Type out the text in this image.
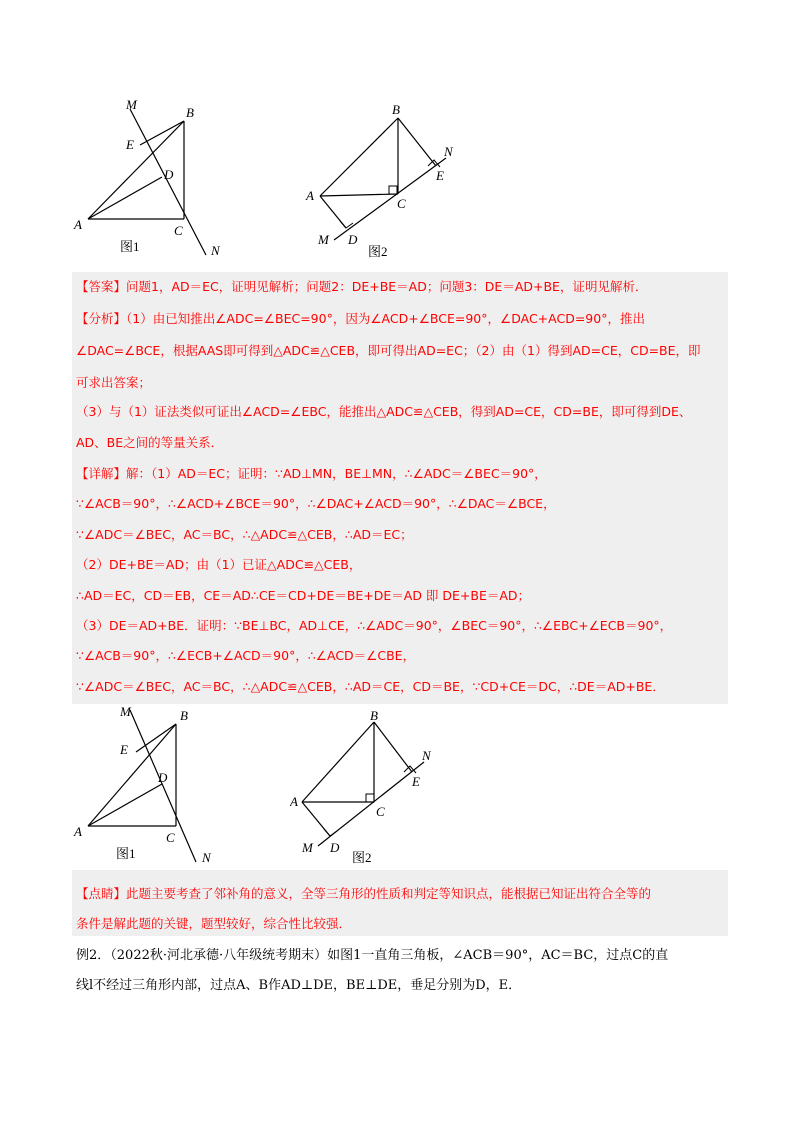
M
B
E
D
A	C
N
图1
B
N
E
A
C
M D
图2
【答案】问题1，AD＝EC，证明见解析；问题2：DE+BE＝AD；问题3：DE＝AD+BE，证明见解析．
【分析】（1）由已知推出∠ADC=∠BEC=90°，因为∠ACD+∠BCE=90°，∠DAC+ACD=90°，推出
∠DAC=∠BCE，根据AAS即可得到△ADC≌△CEB，即可得出AD=EC；（2）由（1）得到AD=CE，CD=BE，即
可求出答案；
（3）与（1）证法类似可证出∠ACD=∠EBC，能推出△ADC≌△CEB，得到AD=CE，CD=BE，即可得到DE、
AD、BE之间的等量关系．
【详解】解：（1）AD＝EC；证明：∵AD⊥MN，BE⊥MN，∴∠ADC＝∠BEC＝90°，
∵∠ACB＝90°，∴∠ACD+∠BCE＝90°，∴∠DAC+∠ACD＝90°，∴∠DAC＝∠BCE，
∵∠ADC＝∠BEC，AC＝BC，∴△ADC≌△CEB，∴AD＝EC；
（2）DE+BE＝AD；由（1）已证△ADC≌△CEB，
∴AD＝EC，CD＝EB，CE＝AD∴CE＝CD+DE＝BE+DE＝AD 即 DE+BE＝AD；
（3）DE＝AD+BE．证明：∵BE⊥BC，AD⊥CE，∴∠ADC＝90°，∠BEC＝90°，∴∠EBC+∠ECB＝90°，
∵∠ACB＝90°，∴∠ECB+∠ACD＝90°，∴∠ACD＝∠CBE，
∵∠ADC＝∠BEC，AC＝BC，∴△ADC≌△CEB，∴AD＝CE，CD＝BE，∵CD+CE＝DC，∴DE＝AD+BE．
M	B
E
D
A	C
N
图1
B
N
E
A
C
M D
图2
【点睛】此题主要考查了邻补角的意义，全等三角形的性质和判定等知识点，能根据已知证出符合全等的
条件是解此题的关键，题型较好，综合性比较强．
例2．（2022秋·河北承德·八年级统考期末）如图1一直角三角板，∠ACB＝90°，AC＝BC，过点C的直
线l不经过三角形内部，过点A、B作AD⊥DE，BE⊥DE，垂足分别为D，E．
